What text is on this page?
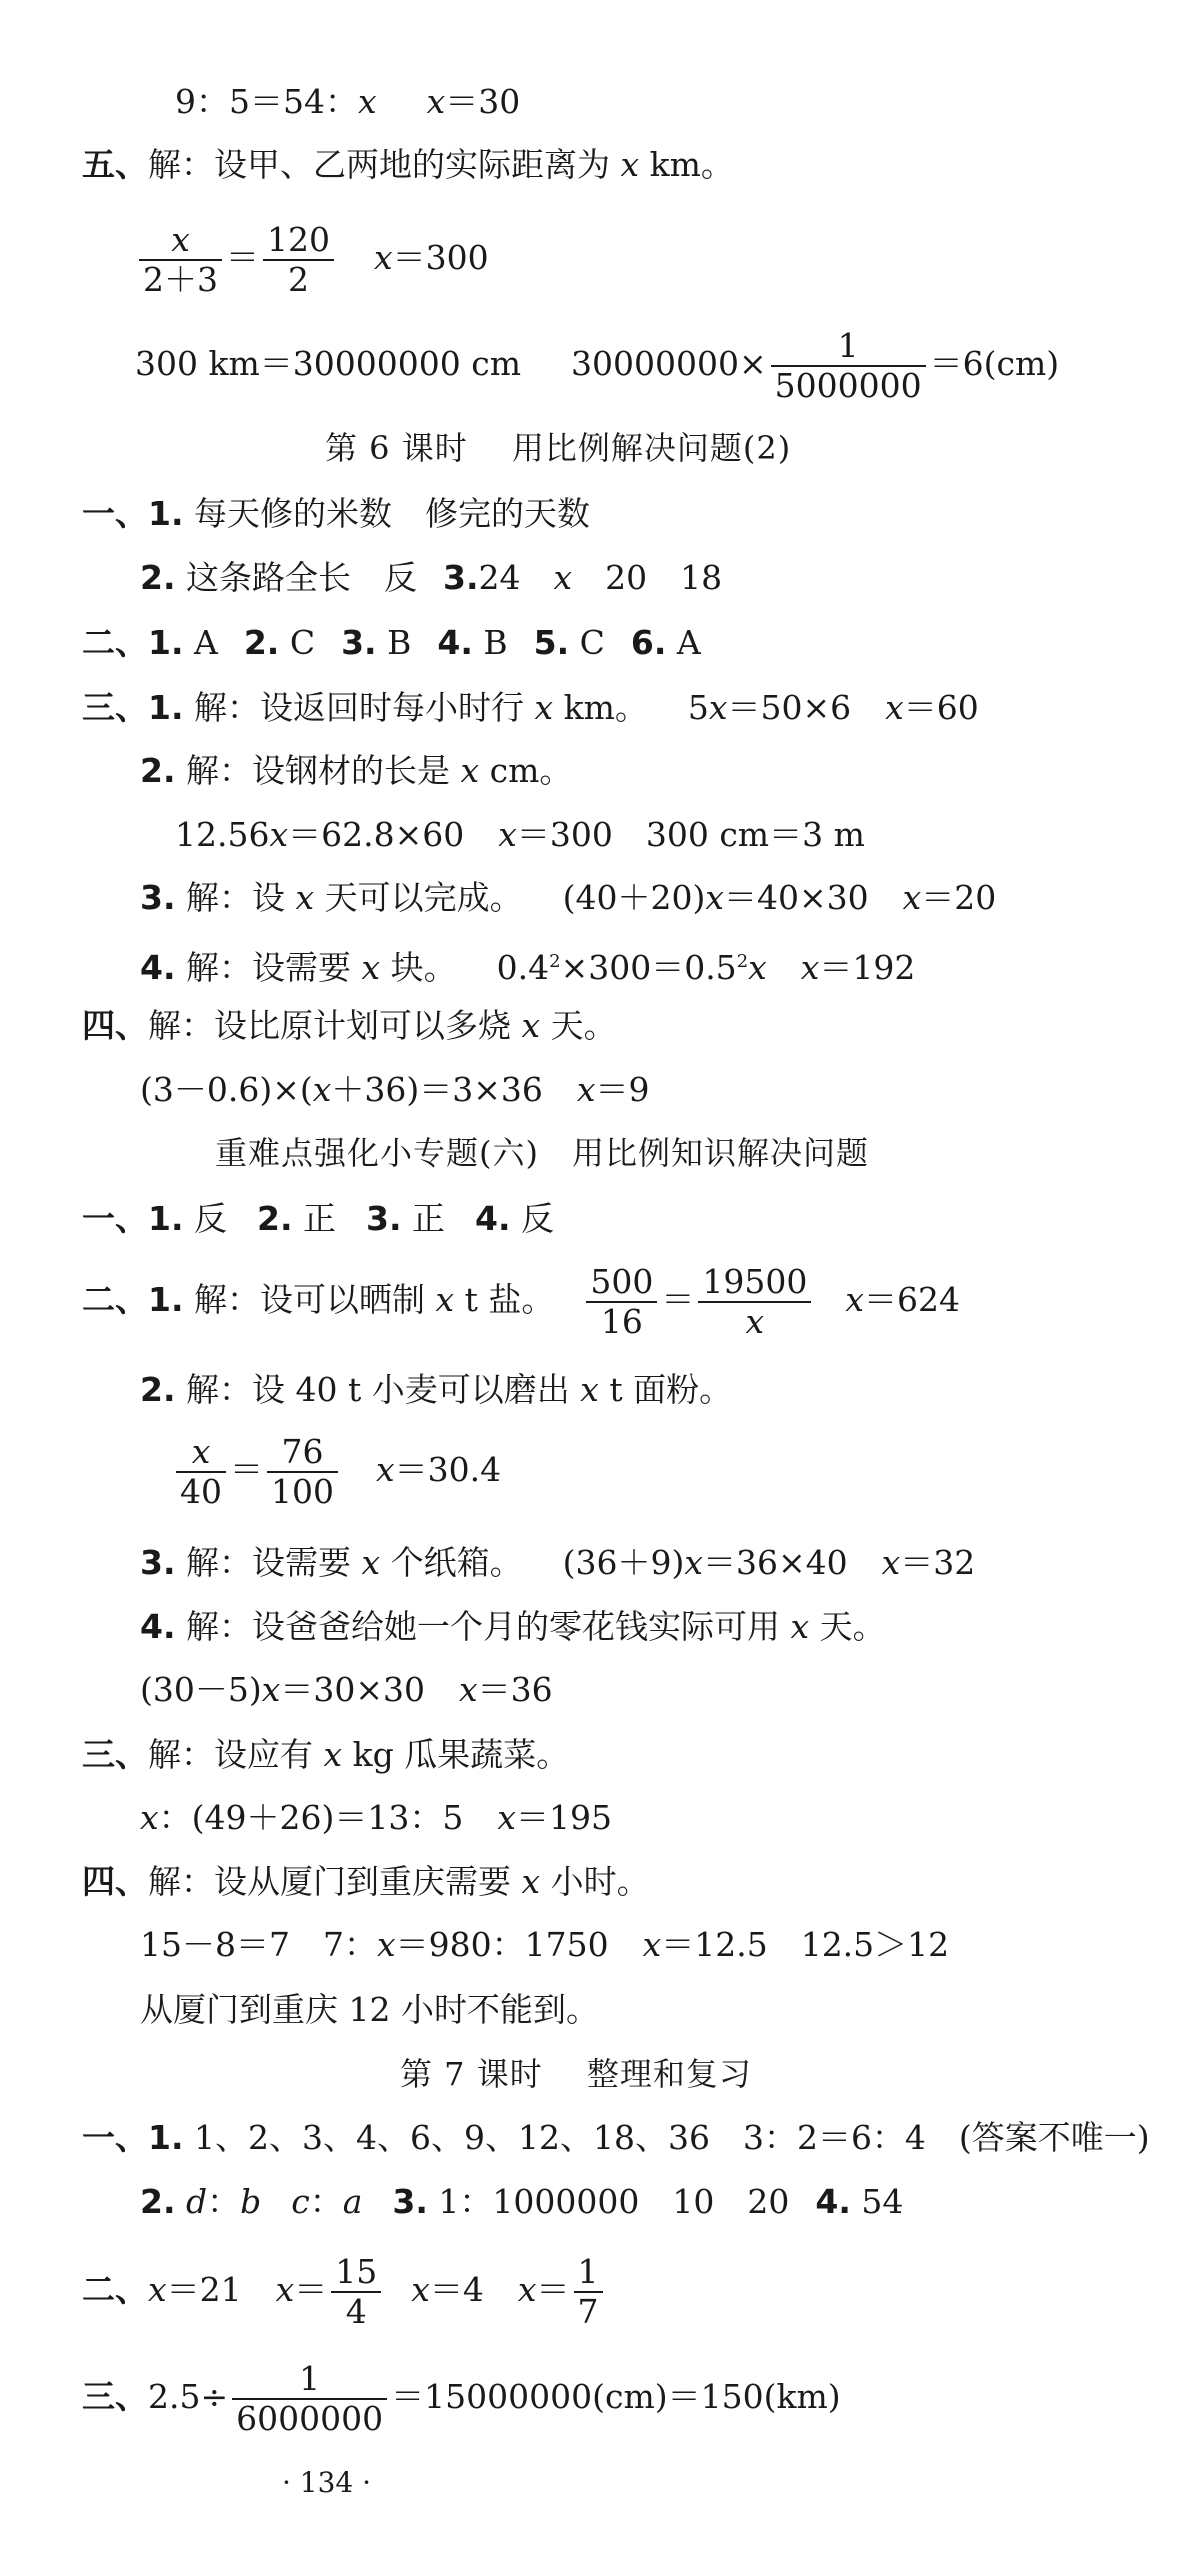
9：5＝54：x x＝30
五、解：设甲、乙两地的实际距离为 x km。
$\frac{x}{2+3} = \frac{120}{2} x=300$
300 km＝30000000 cm $30000000\times \frac{1}{5000000} =6(cm)$
第 6 课时　 用比例解决问题(2)
一、1. 每天修的米数　修完的天数
2. 这条路全长　反 3.24　x　20　18
二、1. A 2. C 3. B 4. B 5. C 6. A
三、1. 解：设返回时每小时行 x km。 5x＝50×6 x＝60
2. 解：设钢材的长是 x cm。
12.56x＝62.8×60 x＝300　300 cm＝3 m
3. 解：设 x 天可以完成。 (40＋20)x＝40×30 x＝20
4. 解：设需要 x 块。 $0.4^2\times 300=0.5^2x$ x＝192
四、解：设比原计划可以多烧 x 天。
(3－0.6)×(x＋36)＝3×36 x＝9
重难点强化小专题(六)　用比例知识解决问题
一、1. 反 2. 正 3. 正 4. 反
二、1. 解：设可以晒制 x t 盐。 $\frac{500}{16} = \frac{19500}{x} x=624$
2. 解：设 40 t 小麦可以磨出 x t 面粉。
$\frac{x}{40} = \frac{76}{100} x=30.4$
3. 解：设需要 x 个纸箱。 (36＋9)x＝36×40 x＝32
4. 解：设爸爸给她一个月的零花钱实际可用 x 天。
(30－5)x＝30×30 x＝36
三、解：设应有 x kg 瓜果蔬菜。
x：(49＋26)＝13：5 x＝195
四、解：设从厦门到重庆需要 x 小时。
15－8＝7　7：x＝980：1750 x＝12.5　12.5＞12
从厦门到重庆 12 小时不能到。
第 7 课时　 整理和复习
一、1. 1、2、3、4、6、9、12、18、36　3：2＝6：4　(答案不唯一)
2. d：b c：a 3. 1：1000000　10　20 4. 54
二、x＝21 $x= \frac{15}{4} x=4$ $x= \frac{1}{7}$
三、$2.5\div \frac{1}{6000000} =15000000(cm)=150(km)$
· 134 ·
